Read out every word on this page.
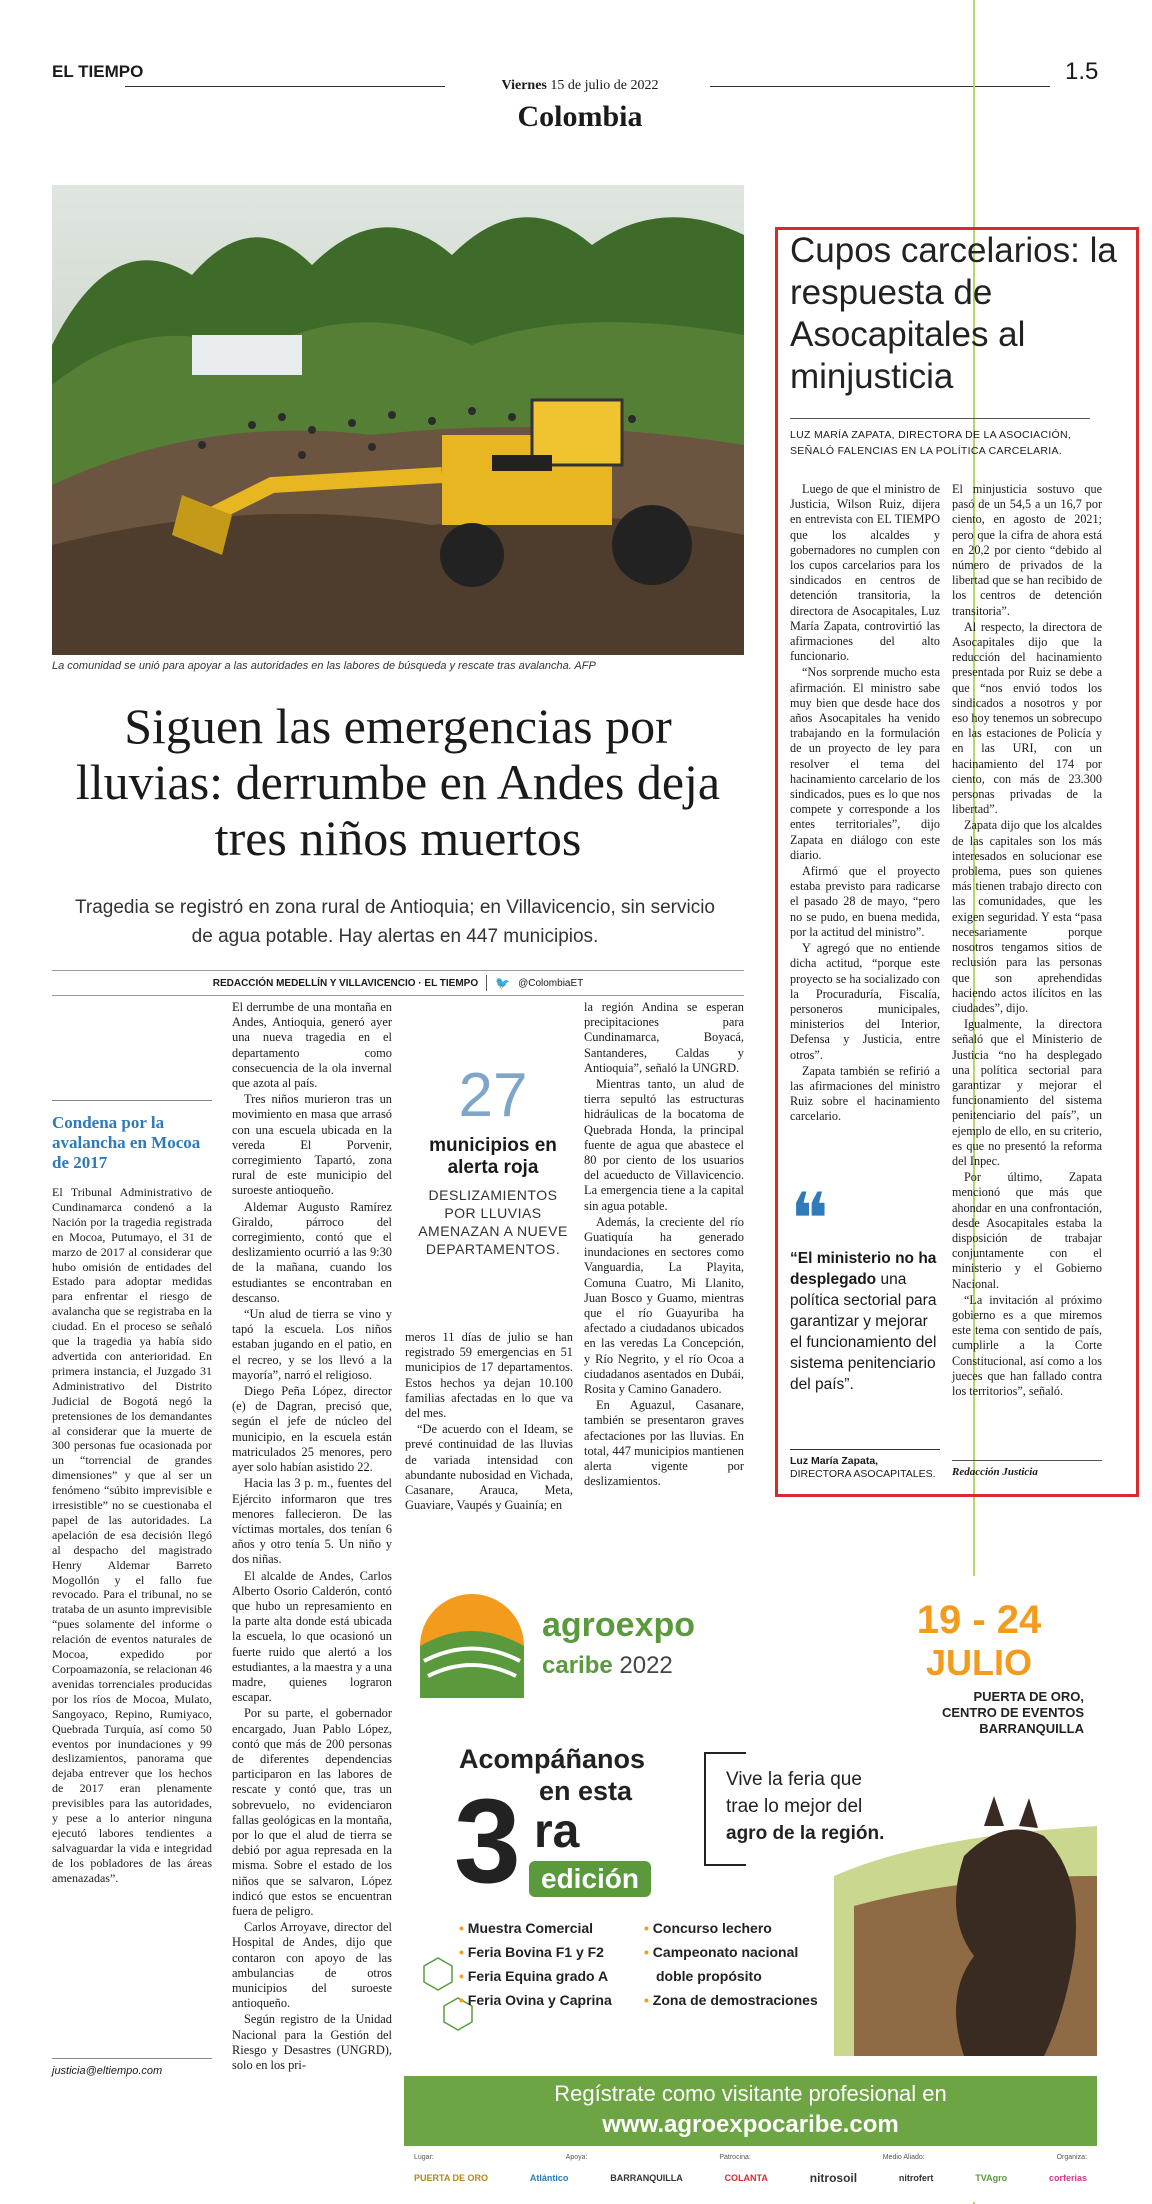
EL TIEMPO
Viernes 15 de julio de 2022
1.5
Colombia
La comunidad se unió para apoyar a las autoridades en las labores de búsqueda y rescate tras avalancha. AFP
Siguen las emergencias por lluvias: derrumbe en Andes deja tres niños muertos
Tragedia se registró en zona rural de Antioquia; en Villavicencio, sin servicio de agua potable. Hay alertas en 447 municipios.
REDACCIÓN MEDELLÍN Y VILLAVICENCIO · EL TIEMPO 🐦 @ColombiaET
Condena por la avalancha en Mocoa de 2017

El Tribunal Administrativo de Cundinamarca condenó a la Nación por la tragedia registrada en Mocoa, Putumayo, el 31 de marzo de 2017 al considerar que hubo omisión de entidades del Estado para adoptar medidas para enfrentar el riesgo de avalancha que se registraba en la ciudad. En el proceso se señaló que la tragedia ya había sido advertida con anterioridad. En primera instancia, el Juzgado 31 Administrativo del Distrito Judicial de Bogotá negó la pretensiones de los demandantes al considerar que la muerte de 300 personas fue ocasionada por un “torrencial de grandes dimensiones” y que al ser un fenómeno “súbito imprevisible e irresistible” no se cuestionaba el papel de las autoridades. La apelación de esa decisión llegó al despacho del magistrado Henry Aldemar Barreto Mogollón y el fallo fue revocado. Para el tribunal, no se trataba de un asunto imprevisible “pues solamente del informe o relación de eventos naturales de Mocoa, expedido por Corpoamazonía, se relacionan 46 avenidas torrenciales producidas por los ríos de Mocoa, Mulato, Sangoyaco, Repino, Rumiyaco, Quebrada Turquía, así como 50 eventos por inundaciones y 99 deslizamientos, panorama que dejaba entrever que los hechos de 2017 eran plenamente previsibles para las autoridades, y pese a lo anterior ninguna ejecutó labores tendientes a salvaguardar la vida e integridad de los pobladores de las áreas amenazadas”.

justicia@eltiempo.com

El derrumbe de una montaña en Andes, Antioquia, generó ayer una nueva tragedia en el departamento como consecuencia de la ola invernal que azota al país.

Tres niños murieron tras un movimiento en masa que arrasó con una escuela ubicada en la vereda El Porvenir, corregimiento Tapartó, zona rural de este municipio del suroeste antioqueño.

Aldemar Augusto Ramírez Giraldo, párroco del corregimiento, contó que el deslizamiento ocurrió a las 9:30 de la mañana, cuando los estudiantes se encontraban en descanso.

“Un alud de tierra se vino y tapó la escuela. Los niños estaban jugando en el patio, en el recreo, y se los llevó a la mayoría”, narró el religioso.

Diego Peña López, director (e) de Dagran, precisó que, según el jefe de núcleo del municipio, en la escuela están matriculados 25 menores, pero ayer solo habían asistido 22.

Hacia las 3 p. m., fuentes del Ejército informaron que tres menores fallecieron. De las víctimas mortales, dos tenían 6 años y otro tenía 5. Un niño y dos niñas.

El alcalde de Andes, Carlos Alberto Osorio Calderón, contó que hubo un represamiento en la parte alta donde está ubicada la escuela, lo que ocasionó un fuerte ruido que alertó a los estudiantes, a la maestra y a una madre, quienes lograron escapar.

Por su parte, el gobernador encargado, Juan Pablo López, contó que más de 200 personas de diferentes dependencias participaron en las labores de rescate y contó que, tras un sobrevuelo, no evidenciaron fallas geológicas en la montaña, por lo que el alud de tierra se debió por agua represada en la misma. Sobre el estado de los niños que se salvaron, López indicó que estos se encuentran fuera de peligro.

Carlos Arroyave, director del Hospital de Andes, dijo que contaron con apoyo de las ambulancias de otros municipios del suroeste antioqueño.

Según registro de la Unidad Nacional para la Gestión del Riesgo y Desastres (UNGRD), solo en los pri-

27
municipios en alerta roja
DESLIZAMIENTOS POR LLUVIAS AMENAZAN A NUEVE DEPARTAMENTOS.

meros 11 días de julio se han registrado 59 emergencias en 51 municipios de 17 departamentos. Estos hechos ya dejan 10.100 familias afectadas en lo que va del mes.

“De acuerdo con el Ideam, se prevé continuidad de las lluvias de variada intensidad con abundante nubosidad en Vichada, Casanare, Arauca, Meta, Guaviare, Vaupés y Guainía; en

la región Andina se esperan precipitaciones para Cundinamarca, Boyacá, Santanderes, Caldas y Antioquia”, señaló la UNGRD.

Mientras tanto, un alud de tierra sepultó las estructuras hidráulicas de la bocatoma de Quebrada Honda, la principal fuente de agua que abastece el 80 por ciento de los usuarios del acueducto de Villavicencio. La emergencia tiene a la capital sin agua potable.

Además, la creciente del río Guatiquía ha generado inundaciones en sectores como Vanguardia, La Playita, Comuna Cuatro, Mi Llanito, Juan Bosco y Guamo, mientras que el río Guayuriba ha afectado a ciudadanos ubicados en las veredas La Concepción, y Río Negrito, y el río Ocoa a ciudadanos asentados en Dubái, Rosita y Camino Ganadero.

En Aguazul, Casanare, también se presentaron graves afectaciones por las lluvias. En total, 447 municipios mantienen alerta vigente por deslizamientos.

Cupos carcelarios: la respuesta de Asocapitales al minjusticia
LUZ MARÍA ZAPATA, DIRECTORA DE LA ASOCIACIÓN, SEÑALÓ FALENCIAS EN LA POLÍTICA CARCELARIA.

Luego de que el ministro de Justicia, Wilson Ruiz, dijera en entrevista con EL TIEMPO que los alcaldes y gobernadores no cumplen con los cupos carcelarios para los sindicados en centros de detención transitoria, la directora de Asocapitales, Luz María Zapata, controvirtió las afirmaciones del alto funcionario.

“Nos sorprende mucho esta afirmación. El ministro sabe muy bien que desde hace dos años Asocapitales ha venido trabajando en la formulación de un proyecto de ley para resolver el tema del hacinamiento carcelario de los sindicados, pues es lo que nos compete y corresponde a los entes territoriales”, dijo Zapata en diálogo con este diario.

Afirmó que el proyecto estaba previsto para radicarse el pasado 28 de mayo, “pero no se pudo, en buena medida, por la actitud del ministro”.

Y agregó que no entiende dicha actitud, “porque este proyecto se ha socializado con la Procuraduría, Fiscalía, personeros municipales, ministerios del Interior, Defensa y Justicia, entre otros”.

Zapata también se refirió a las afirmaciones del ministro Ruiz sobre el hacinamiento carcelario.

❝
“El ministerio no ha desplegado una política sectorial para garantizar y mejorar el funcionamiento del sistema penitenciario del país”.
Luz María Zapata,
DIRECTORA ASOCAPITALES.

El minjusticia sostuvo que pasó de un 54,5 a un 16,7 por ciento, en agosto de 2021; pero que la cifra de ahora está en 20,2 por ciento “debido al número de privados de la libertad que se han recibido de los centros de detención transitoria”.

Al respecto, la directora de Asocapitales dijo que la reducción del hacinamiento presentada por Ruiz se debe a que “nos envió todos los sindicados a nosotros y por eso hoy tenemos un sobrecupo en las estaciones de Policía y en las URI, con un hacinamiento del 174 por ciento, con más de 23.300 personas privadas de la libertad”.

Zapata dijo que los alcaldes de las capitales son los más interesados en solucionar ese problema, pues son quienes más tienen trabajo directo con las comunidades, que les exigen seguridad. Y esta “pasa necesariamente porque nosotros tengamos sitios de reclusión para las personas que son aprehendidas haciendo actos ilícitos en las ciudades”, dijo.

Igualmente, la directora señaló que el Ministerio de Justicia “no ha desplegado una política sectorial para garantizar y mejorar el funcionamiento del sistema penitenciario del país”, un ejemplo de ello, en su criterio, es que no presentó la reforma del Inpec.

Por último, Zapata mencionó que más que ahondar en una confrontación, desde Asocapitales estaba la disposición de trabajar conjuntamente con el ministerio y el Gobierno Nacional.

“La invitación al próximo gobierno es a que miremos este tema con sentido de país, cumplirle a la Corte Constitucional, así como a los jueces que han fallado contra los territorios”, señaló.

Redacción Justicia
agroexpo
caribe 2022
19 - 24
JULIO
PUERTA DE ORO,
CENTRO DE EVENTOS
BARRANQUILLA
Acompáñanos
en esta
3 ra
edición
Vive la feria que
trae lo mejor del
agro de la región.
• Muestra Comercial
• Feria Bovina F1 y F2
• Feria Equina grado A
• Feria Ovina y Caprina
• Concurso lechero
• Campeonato nacional
doble propósito
• Zona de demostraciones
Regístrate como visitante profesional en
www.agroexpocaribe.com
Lugar:	Apoya:	Patrocina:	Medio Aliado:	Organiza:
PUERTA DE ORO	Atlántico	BARRANQUILLA	COLANTA	nitrosoil	nitrofert	TVAgro	corferias
